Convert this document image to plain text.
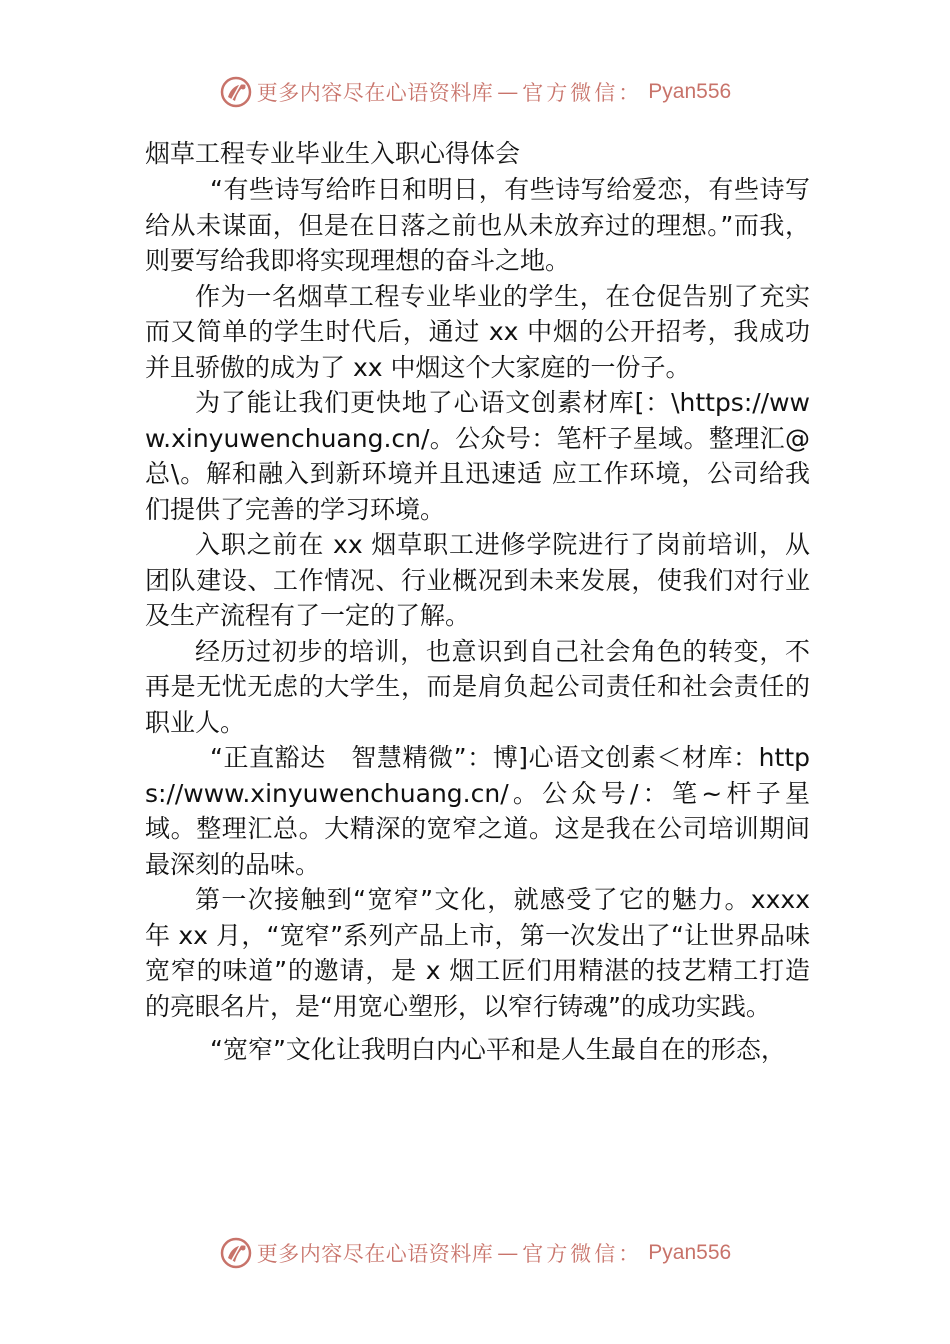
更多内容尽在心语资料库 — 官方微信： Pyan556
烟草工程专业毕业生入职心得体会

“有些诗写给昨日和明日，有些诗写给爱恋，有些诗写给从未谋面，但是在日落之前也从未放弃过的理想。”而我，则要写给我即将实现理想的奋斗之地。

作为一名烟草工程专业毕业的学生，在仓促告别了充实而又简单的学生时代后，通过 xx 中烟的公开招考，我成功并且骄傲的成为了 xx 中烟这个大家庭的一份子。

为了能让我们更快地了心语文创素材库[：\https://www.xinyuwenchuang.cn/。公众号：笔杆子星域。整理汇@总\。解和融入到新环境并且迅速适 应工作环境，公司给我们提供了完善的学习环境。

入职之前在 xx 烟草职工进修学院进行了岗前培训，从团队建设、工作情况、行业概况到未来发展，使我们对行业及生产流程有了一定的了解。

经历过初步的培训，也意识到自己社会角色的转变，不再是无忧无虑的大学生，而是肩负起公司责任和社会责任的职业人。

“正直豁达　智慧精微”：博]心语文创素＜材库：https://www.xinyuwenchuang.cn/。公众号/：笔~杆子星域。整理汇总。大精深的宽窄之道。这是我在公司培训期间最深刻的品味。

第一次接触到“宽窄”文化，就感受了它的魅力。xxxx 年 xx 月，“宽窄”系列产品上市，第一次发出了“让世界品味宽窄的味道”的邀请，是 x 烟工匠们用精湛的技艺精工打造的亮眼名片，是“用宽心塑形，以窄行铸魂”的成功实践。

“宽窄”文化让我明白内心平和是人生最自在的形态，

更多内容尽在心语资料库 — 官方微信： Pyan556
